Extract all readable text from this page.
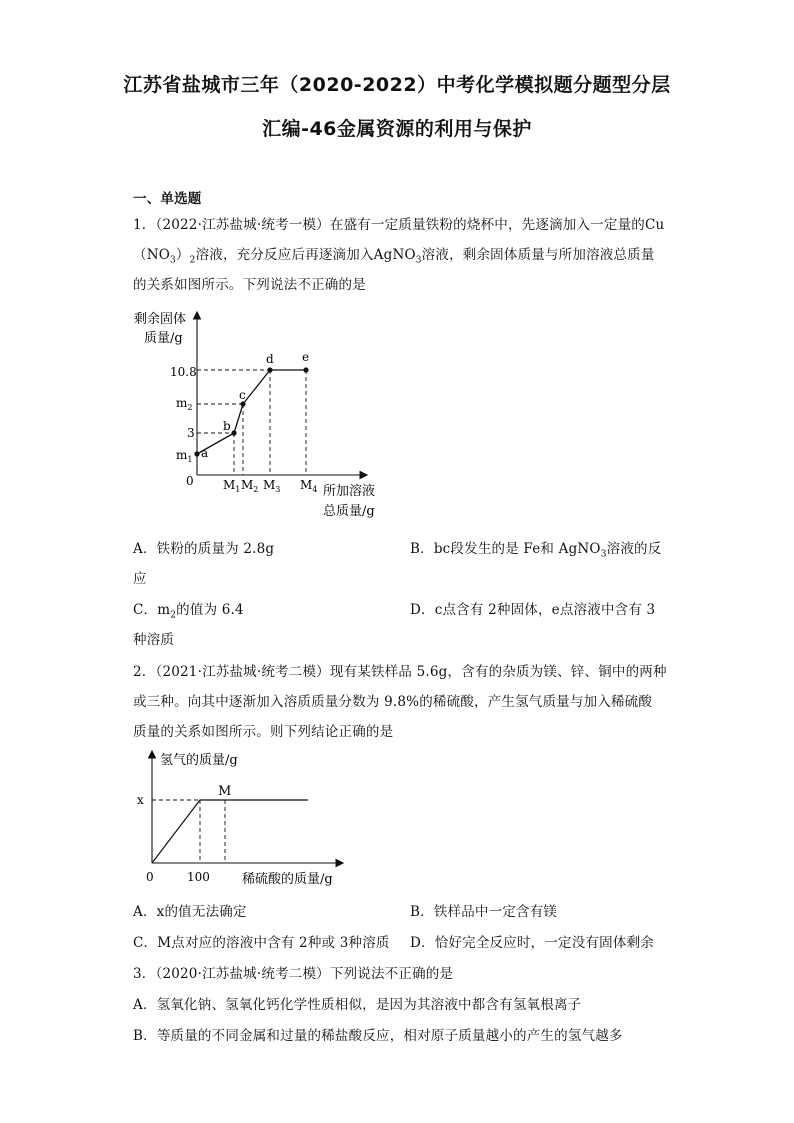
江苏省盐城市三年（2020-2022）中考化学模拟题分题型分层
汇编-46金属资源的利用与保护
一、单选题
1．（2022·江苏盐城·统考一模）在盛有一定质量铁粉的烧杯中，先逐滴加入一定量的Cu
$(NO_3)_2$溶液，充分反应后再逐滴加入AgNO$_3$溶液，剩余固体质量与所加溶液总质量
的关系如图所示。下列说法不正确的是
剩余固体
质量/g
所加溶液
总质量/g
0
10.8
$m_2$
3
$m_1$
$M_1$ $M_2$ $M_3$ $M_4$
a
b
c
d e
A．铁粉的质量为 2.8g	B．bc段发生的是 Fe和 AgNO$_3$溶液的反
应
C．$m_2$的值为 6.4	D．c点含有 2种固体，e点溶液中含有 3
种溶质
2．（2021·江苏盐城·统考二模）现有某铁样品 5.6g，含有的杂质为镁、锌、铜中的两种
或三种。向其中逐渐加入溶质质量分数为 9.8%的稀硫酸，产生氢气质量与加入稀硫酸
质量的关系如图所示。则下列结论正确的是
氢气的质量/g
稀硫酸的质量/g
0	100
x
M
A．x的值无法确定	B．铁样品中一定含有镁
C．M点对应的溶液中含有 2种或 3种溶质 D．恰好完全反应时，一定没有固体剩余
3．（2020·江苏盐城·统考二模）下列说法不正确的是
A．氢氧化钠、氢氧化钙化学性质相似，是因为其溶液中都含有氢氧根离子
B．等质量的不同金属和过量的稀盐酸反应，相对原子质量越小的产生的氢气越多
